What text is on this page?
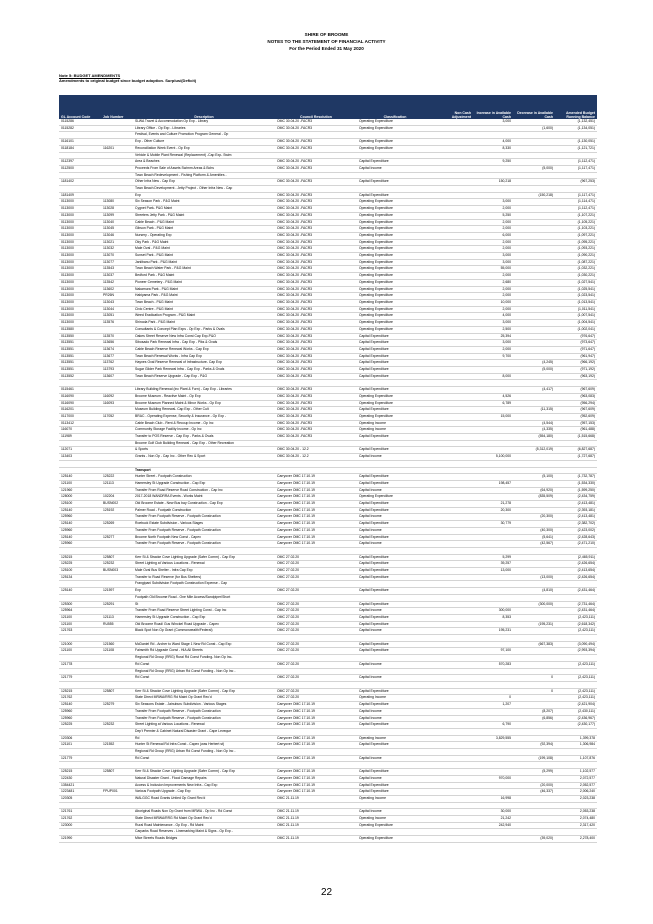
SHIRE OF BROOME
NOTES TO THE STATEMENT OF FINANCIAL ACTIVITY
For the Period Ended 31 May 2020
Note 5: BUDGET AMENDMENTS
Amendments to original budget since budget adoption. Surplus/(Deficit)
GL Account Code	Job Number	Description	Council Resolution	Classification	Non Cash Adjustment	Increase in Available Cash	Decrease in Available Cash	Amended Budget Running Balance
0115286		SLWA Travel & Accommodation Op Exp - Library	OMC 30.04.20 -FACR3	Operating Expenditure		3,000		(1,132,451)
0115282		Library Office - Op Exp - Libraries	OMC 30.04.20 -FACR3	Operating Expenditure			(1,600)	(1,134,051)
		Festival, Events and Culture Promotion Program General - Op						
0116101		Exp - Other Culture	OMC 30.04.20 -FACR3	Operating Expenditure		4,000		(1,130,051)
0118184	116201	Reconciliation Week Event - Op Exp	OMC 30.04.20 -FACR3	Operating Expenditure		8,330		(1,121,721)
		Vehicle & Mobile Plant Renewal (Replacement) -Cap Exp- Swim						
0112397		Area & Beaches	OMC 30.04.20 -FACR3	Capital Expenditure		9,250		(1,112,471)
0112500		Proceeds From Sale of Assets Swimm Areas & Bchs	OMC 30.04.20 -FACR3	Capital Income			(5,000)	(1,117,471)
		Town Beach Redevelopment - Fishing Platform & Amenities -						
1181402		Other Infra New - Cap Exp	OMC 30.04.20 -FACR3	Capital Expenditure		150,218		(967,253)
		Town Beach Development - Jetty Project - Other Infra New - Cap						
1181409		Exp	OMC 30.04.20 -FACR3	Capital Expenditure			(150,218)	(1,117,471)
0113000	113080	Six Season Park - P&G Maint	OMC 30.04.20 -FACR3	Operating Expenditure		3,000		(1,114,471)
0113000	113028	Cygnet Park- P&G Maint	OMC 30.04.20 -FACR3	Operating Expenditure		2,000		(1,112,471)
0113000	113099	Streeters Jetty Park - P&G Maint	OMC 30.04.20 -FACR3	Operating Expenditure		5,250		(1,107,221)
0113000	113040	Cable Beach - P&G Maint	OMC 30.04.20 -FACR3	Operating Expenditure		2,000		(1,105,221)
0113000	113045	Gibson Park - P&G Maint	OMC 30.04.20 -FACR3	Operating Expenditure		2,000		(1,103,221)
0113000	113046	Nursery - Operating Exp	OMC 30.04.20 -FACR3	Operating Expenditure		6,000		(1,097,221)
0113000	113021	Oky Park - P&G Maint	OMC 30.04.20 -FACR3	Operating Expenditure		2,000		(1,095,221)
0113000	113032	Male Oval - P&G Maint	OMC 30.04.20 -FACR3	Operating Expenditure		2,000		(1,093,221)
0113000	113070	Sunset Park - P&G Maint	OMC 30.04.20 -FACR3	Operating Expenditure		3,000		(1,090,221)
0113000	113077	Janiibanu Park - P&G Maint	OMC 30.04.20 -FACR3	Operating Expenditure		3,000		(1,087,221)
0113000	113543	Town Beach Water Park - P&G Maint	OMC 30.04.20 -FACR3	Operating Expenditure		55,000		(1,032,221)
0113000	113037	Bedford Park - P&G Maint	OMC 30.04.20 -FACR3	Operating Expenditure		2,000		(1,030,221)
0113000	113542	Pioneer Cemetery - P&G Maint	OMC 30.04.20 -FACR3	Operating Expenditure		2,680		(1,027,541)
0113000	113602	Nakamura Park - P&G Maint	OMC 30.04.20 -FACR3	Operating Expenditure		2,000		(1,025,541)
0113000	PR26N	Habiyama Park - P&G Maint	OMC 30.04.20 -FACR3	Operating Expenditure		2,000		(1,023,541)
0113000	113043	Town Beach - P&G Maint	OMC 30.04.20 -FACR3	Operating Expenditure		10,000		(1,013,541)
0113000	113044	Civic Centre - P&G Maint	OMC 30.04.20 -FACR3	Operating Expenditure		2,000		(1,011,541)
0113000	113051	Weed Eradication Program - P&G Maint	OMC 30.04.20 -FACR3	Operating Expenditure		4,000		(1,007,541)
0113000	113576	Shinoda Park - P&G Maint	OMC 30.04.20 -FACR3	Operating Expenditure		3,000		(1,004,541)
0113580		Consultants & Concept Plan Exps - Op Exp - Parks & Ovals	OMC 30.04.20 -FACR3	Operating Expenditure		2,500		(1,002,041)
0113550	113570	Oakes Street Reserve New Infra Const Cap Exp-P&O	OMC 30.04.20 -FACR3	Capital Expenditure		25,394		(976,647)
0113551	113656	Sibosado Park Renewal Infra - Cap Exp - Plks & Ovals	OMC 30.04.20 -FACR3	Capital Expenditure		3,000		(973,647)
0113551	113674	Cable Beach Reserve Renewal Works - Cap Exp	OMC 30.04.20 -FACR3	Capital Expenditure		2,000		(971,647)
0113551	113677	Town Beach Renewal Works - Infra Cap Exp	OMC 30.04.20 -FACR3	Capital Expenditure		9,700		(961,947)
0113551	113762	Haynes Oval Reserve Renewal of Infrastructure- Cap Exp	OMC 30.04.20 -FACR3	Capital Expenditure			(4,245)	(966,192)
0113551	113793	Sugar Glider Park Renewal Infra - Cap Exp - Parks & Ovals	OMC 30.04.20 -FACR3	Capital Expenditure			(5,000)	(971,192)
0113552	113607	Town Beach Reserve Upgrade - Cap Exp - P&G	OMC 30.04.20 -FACR3	Capital Expenditure		8,000		(963,192)

0115461		Library Building Renewal (inc Plant & Furn) - Cap Exp - Libraries	OMC 30.04.20 -FACR3	Capital Expenditure			(4,417)	(967,609)
0116090	116092	Broome Museum - Reactive Maint - Op Exp	OMC 30.04.20 -FACR3	Operating Expenditure		4,526		(963,083)
0116090	116093	Broome Museum Planned Maint & Minor Works - Op Exp	OMC 30.04.20 -FACR3	Operating Expenditure		6,789		(956,294)
0116201		Museum Building Renewal- Cap Exp - Other Cult	OMC 30.04.20 -FACR3	Capital Expenditure			(11,315)	(967,609)
0117000	117052	BRAC - Operating Expense, Security & Insurance - Op Exp -	OMC 30.04.20 -FACR3	Operating Expenditure		15,000		(952,609)
0113412		Cable Beach Club - Rent & Recoup Income - Op Inc	OMC 30.04.20 -FACR3	Operating Income			(4,544)	(957,153)
116070		Community Storage Facility Income - Op Inc	OMC 30.04.20 -FACR3	Operating Income			(4,335)	(961,488)
111989		Transfer to POS Reserve - Cap Exp - Parks & Ovals	OMC 30.04.20 -FACR3	Capital Expenditure			(554,180)	(1,515,668)
		Broome Golf Club Building Renewal - Cap Exp - Other Recreation						
112071		& Sports	OMC 30.04.20 - 12.2	Capital Expenditure			(5,312,019)	(6,827,687)
113403		Grants - Non Op - Cap Inc - Other Rec & Sport	OMC 30.04.20 - 12.2	Capital Income		5,100,000		(1,727,687)

		Transport						
125140	125222	Hunter Street - Footpath Construction	Carryover OMC 17.10.19	Capital Expenditure			(5,100)	(1,732,787)
121100	121113	Hamersley St Upgrade Construction - Cap Exp	Carryover OMC 17.10.19	Capital Expenditure		198,457		(1,534,330)
121960		Transfer From Road Reserve Road Construction - Cap Inc	Carryover OMC 17.10.19	Capital Income			(64,920)	(1,599,250)
128000	102204	2017-2018 WANDRRA Events - Works Maint	Carryover OMC 17.10.19	Operating Expenditure			(835,509)	(2,434,759)
125100	BUSN002	Old Broome Estate - New Bus bay Construction - Cap Exp	Carryover OMC 17.10.19	Capital Expenditure		21,278		(2,413,481)
125140	125192	Palmer Road - Footpath Construction	Carryover OMC 17.10.19	Capital Expenditure		20,300		(2,393,181)
125960		Transfer From Footpath Reserve - Footpath Construction	Carryover OMC 17.10.19	Capital Income			(20,300)	(2,413,481)
125140	125269	Roebuck Estate Subdivision - Various Stages	Carryover OMC 17.10.19	Capital Expenditure		30,779		(2,382,702)
125960		Transfer From Footpath Reserve - Footpath Construction	Carryover OMC 17.10.19	Capital Income			(40,300)	(2,423,002)
125140	125277	Broome North Footpath New Const - Capex	Carryover OMC 17.10.19	Capital Expenditure			(5,641)	(2,428,643)
125960		Transfer From Footpath Reserve - Footpath Construction	Carryover OMC 17.10.19	Capital Income			(42,567)	(2,471,210)

125215	125807	Kerr St & Stracke Cove Lighting Upgrade (Safer Comm) - Cap Exp	OMC 27.02.20	Capital Expenditure		5,299		(2,465,911)
125225	125232	Street Lighting at Various Locations - Renewal	OMC 27.02.20	Capital Expenditure		39,257		(2,426,654)
125100	BUSN003	Male Oval Bus Shelter - Infra Cap Exp	OMC 27.02.20	Capital Expenditure		13,000		(2,413,654)
125134		Transfer to Road Reserve (for Bus Shelters)	OMC 27.02.20	Capital Expenditure			(13,000)	(2,426,654)
		Frangipani Subdivision Footpath Construction Expense - Cap						
125140	121597	Exp	OMC 27.02.20	Capital Expenditure			(4,810)	(2,431,464)
		Footpath Old Broome Road - One Mile Access/Sandpiper/Short						
125300	125291	St	OMC 27.02.20	Capital Expenditure			(300,000)	(2,731,464)
125964		Transfer From Road Reserve Street Lighting Const - Cap Inc	OMC 27.02.20	Capital Income		300,000		(2,431,464)
121100	121113	Hamersley St Upgrade Construction - Cap Exp	OMC 27.02.20	Capital Expenditure		8,353		(2,423,111)
121100	RU555	Old Broome Road/ Gus Winckel Road Upgrade - Capex	OMC 27.02.20	Capital Expenditure			(195,231)	(2,618,342)
121763		Black Spot Non Op Grant (Commonwealth/Federal)	OMC 27.02.20	Capital Income		195,231		(2,423,111)

121000	121560	McDaniel Rd - Archer to Ward Stage 1 New Rd Const - Cap Exp	OMC 27.02.20	Capital Expenditure			(667,383)	(3,090,494)
121100	121108	Fairsmith Rd Upgrade Const - HIA All Streets	OMC 27.02.20	Capital Expenditure		97,100		(2,993,394)
		Regional Rd Group (RRG) Rural Rd Const Funding- Non Op Inc-						
121778		Rd Const	OMC 27.02.20	Capital Income		570,283		(2,423,111)
		Regional Rd Group (RRG) Urban Rd Const Funding - Non Op Inc -						
121779		Rd Const	OMC 27.02.20	Capital Income			0	(2,423,111)

125215	125807	Kerr St & Stracke Cove Lighting Upgrade (Safer Comm) - Cap Exp	OMC 27.02.20	Capital Expenditure			0	(2,423,111)
121762		State Direct MRWA/RRG Rd Maint Op Grant Rec'd	OMC 27.02.20	Operating Income		0		(2,423,111)
125140	125279	Six Seasons Estate - Jainuburu Subdivision - Various Stages	Carryover OMC 17.10.19	Capital Expenditure		1,207		(2,421,904)
125960		Transfer From Footpath Reserve - Footpath Construction	Carryover OMC 17.10.19	Capital Income			(8,207)	(2,430,111)
125960		Transfer From Footpath Reserve - Footpath Construction	Carryover OMC 17.10.19	Capital Income			(6,856)	(2,436,967)
125225	125232	Street Lighting at Various Locations - Renewal	Carryover OMC 17.10.19	Capital Expenditure		6,790		(2,430,177)
		Dep't Premier & Cabinet Natural Disaster Grant - Cape Leveque						
120306		Rd	Carryover OMC 17.10.19	Operating Income		3,829,555		1,399,378
121101	121552	Hunter St Renewal Rd Infra Const - Capex (was Herbert st)	Carryover OMC 17.10.19	Capital Expenditure			(92,394)	1,306,984
		Regional Rd Group (RRG) Urban Rd Const Funding - Non Op Inc -						
121779		Rd Const	Carryover OMC 17.10.19	Capital Income			(199,108)	1,107,876

125215	125807	Kerr St & Stracke Cove Lighting Upgrade (Safer Comm) - Cap Exp	Carryover OMC 17.10.19	Capital Expenditure			(5,299)	1,102,577
122430		Natural Disaster Grant - Flood Damage Repairs	Carryover OMC 17.10.19	Capital Income		970,000		2,072,577
1354421		Access & Inclusion Improvements New Infra - Cap Exp	Carryover OMC 17.10.19	Capital Expenditure			(20,000)	2,052,577
1223481	FPUP001	Various Footpath Upgrade - Cap Exp	Carryover OMC 17.10.19	Capital Expenditure			(46,337)	2,006,240
120305		WALGGC Road Grants Untied Op Grant Rec'd	OMC 21.11.19	Operating Income		16,998		2,023,238

121761		Aboriginal Roads Non Op Grant from MRWA - Op Inc - Rd Const	OMC 21.11.19	Capital Income		30,000		2,053,238
121762		State Direct MRWA/RRG Rd Maint Op Grant Rec'd	OMC 21.11.19	Operating Income		21,242		2,074,480
123000		Rural Road Maintenance - Op Exp - Rd Maint	OMC 21.11.19	Operating Expenditure		242,940		2,317,420
		Carparks Road Reserves - Linemarking Maint & Signs - Op Exp -						
121990		Mtce Streets Roads Bridges	OMC 21.11.19	Operating Expenditure			(39,020)	2,278,400
22
